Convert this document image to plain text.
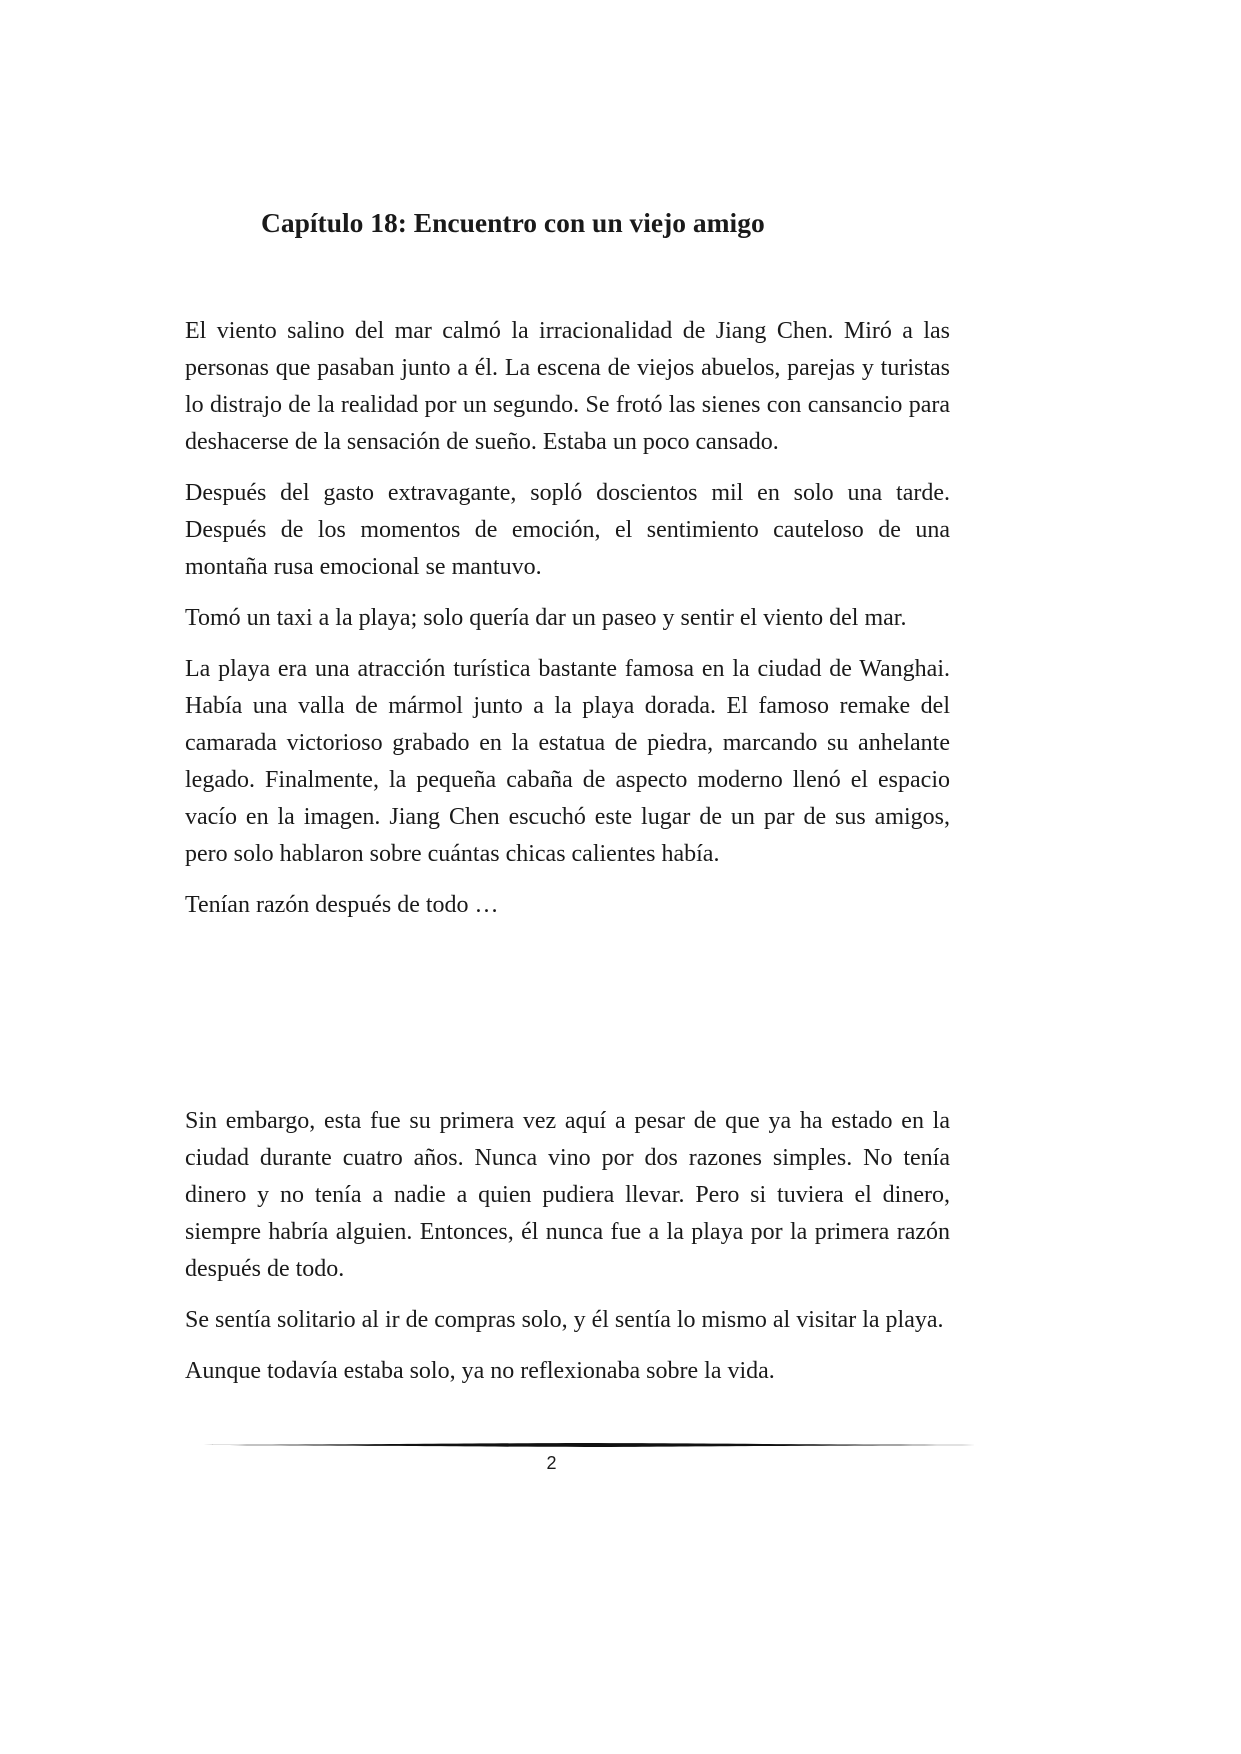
Capítulo 18: Encuentro con un viejo amigo

El viento salino del mar calmó la irracionalidad de Jiang Chen. Miró a las personas que pasaban junto a él. La escena de viejos abuelos, parejas y turistas lo distrajo de la realidad por un segundo. Se frotó las sienes con cansancio para deshacerse de la sensación de sueño. Estaba un poco cansado.

Después del gasto extravagante, sopló doscientos mil en solo una tarde. Después de los momentos de emoción, el sentimiento cauteloso de una montaña rusa emocional se mantuvo.

Tomó un taxi a la playa; solo quería dar un paseo y sentir el viento del mar.

La playa era una atracción turística bastante famosa en la ciudad de Wanghai. Había una valla de mármol junto a la playa dorada. El famoso remake del camarada victorioso grabado en la estatua de piedra, marcando su anhelante legado. Finalmente, la pequeña cabaña de aspecto moderno llenó el espacio vacío en la imagen. Jiang Chen escuchó este lugar de un par de sus amigos, pero solo hablaron sobre cuántas chicas calientes había.

Tenían razón después de todo …

Sin embargo, esta fue su primera vez aquí a pesar de que ya ha estado en la ciudad durante cuatro años. Nunca vino por dos razones simples. No tenía dinero y no tenía a nadie a quien pudiera llevar. Pero si tuviera el dinero, siempre habría alguien. Entonces, él nunca fue a la playa por la primera razón después de todo.

Se sentía solitario al ir de compras solo, y él sentía lo mismo al visitar la playa.

Aunque todavía estaba solo, ya no reflexionaba sobre la vida.

2
